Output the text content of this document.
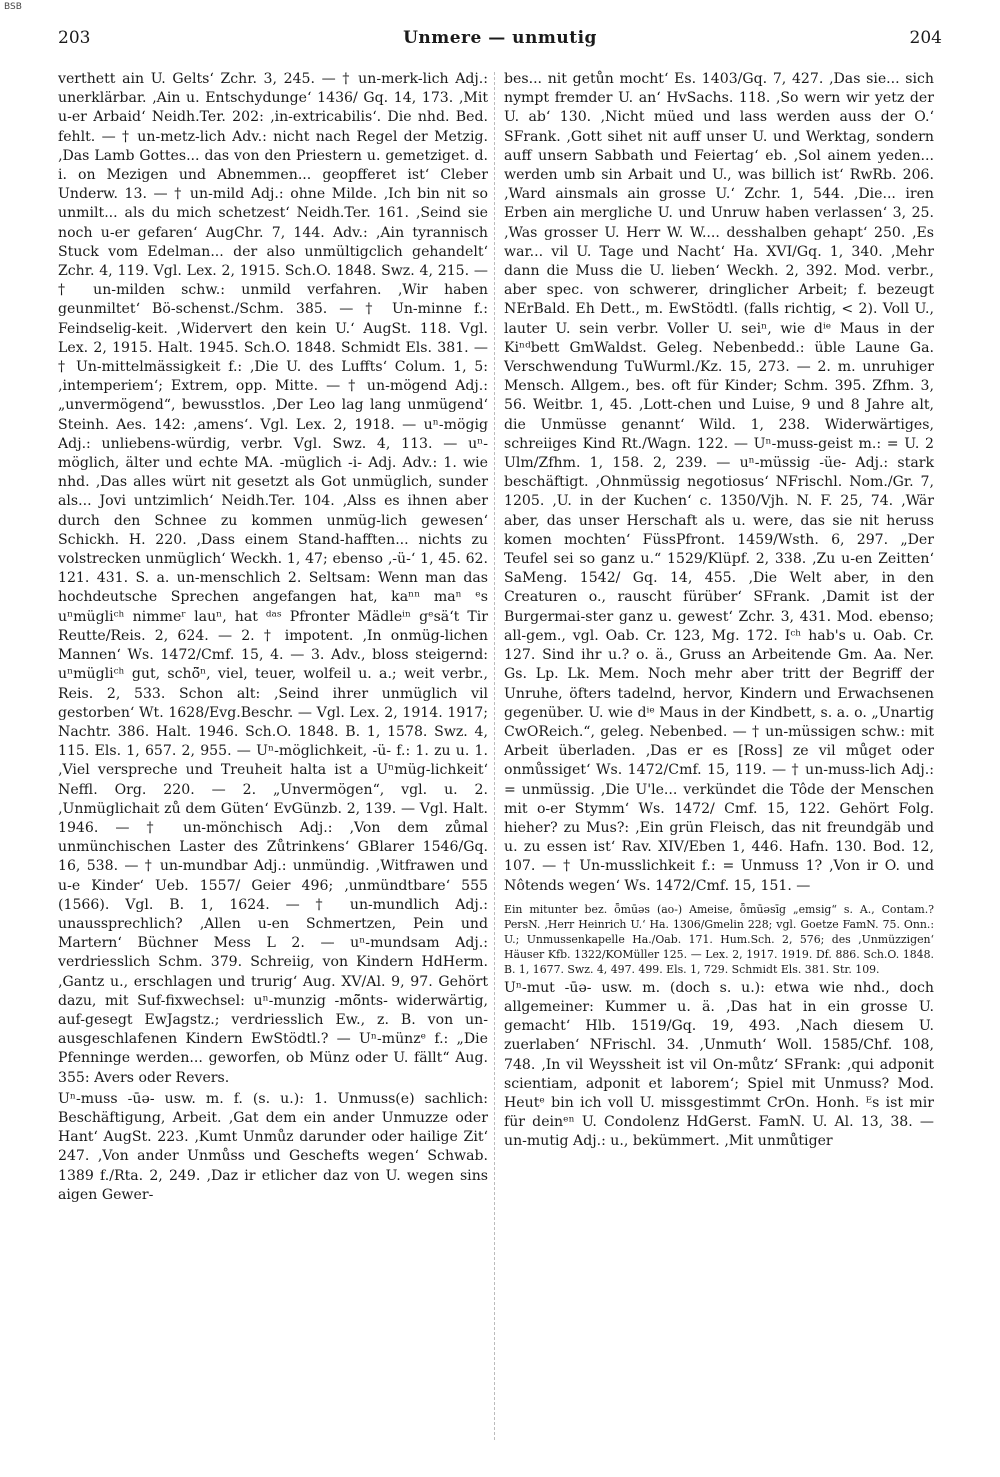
BSB
203	Unmere — unmutig	204

verthett ain U. Gelts‘ Zchr. 3, 245. — † un-merk-lich Adj.: unerklärbar. ‚Ain u. Entschydunge‘ 1436/ Gq. 14, 173. ‚Mit u-er Arbaid‘ Neidh.Ter. 202: ‚in-extricabilis‘. Die nhd. Bed. fehlt. — † un-metz-lich Adv.: nicht nach Regel der Metzig. ‚Das Lamb Gottes... das von den Priestern u. gemetziget. d. i. on Mezigen und Abnemmen... geopfferet ist‘ Cleber Underw. 13. — † un-mild Adj.: ohne Milde. ‚Ich bin nit so unmilt... als du mich schetzest‘ Neidh.Ter. 161. ‚Seind sie noch u-er gefaren‘ AugChr. 7, 144. Adv.: ‚Ain tyrannisch Stuck vom Edelman... der also unmültigclich gehandelt‘ Zchr. 4, 119. Vgl. Lex. 2, 1915. Sch.O. 1848. Swz. 4, 215. — † un-milden schw.: unmild verfahren. ‚Wir haben geunmiltet‘ Bö-schenst./Schm. 385. — † Un-minne f.: Feindselig-keit. ‚Widervert den kein U.‘ AugSt. 118. Vgl. Lex. 2, 1915. Halt. 1945. Sch.O. 1848. Schmidt Els. 381. — † Un-mittelmässigkeit f.: ‚Die U. des Luffts‘ Colum. 1, 5: ‚intemperiem‘; Extrem, opp. Mitte. — † un-mögend Adj.: „unvermögend“, bewusstlos. ‚Der Leo lag lang unmügend‘ Steinh. Aes. 142: ‚amens‘. Vgl. Lex. 2, 1918. — uⁿ-mögig Adj.: unliebens-würdig, verbr. Vgl. Swz. 4, 113. — uⁿ-möglich, älter und echte MA. -müglich -i- Adj. Adv.: 1. wie nhd. ‚Das alles würt nit gesetzt als Got unmüglich, sunder als... Jovi untzimlich‘ Neidh.Ter. 104. ‚Alss es ihnen aber durch den Schnee zu kommen unmüg-lich gewesen‘ Schickh. H. 220. ‚Dass einem Stand-hafften... nichts zu volstrecken unmüglich‘ Weckh. 1, 47; ebenso ‚-ü-‘ 1, 45. 62. 121. 431. S. a. un-menschlich 2. Seltsam: Wenn man das hochdeutsche Sprechen angefangen hat, kaⁿⁿ maⁿ ᵉs uⁿmügliᶜʰ nimmeʳ lauⁿ, hat ᵈᵃˢ Pfronter Mädleⁱⁿ gᵉsä‘t Tir Reutte/Reis. 2, 624. — 2. † impotent. ‚In onmüg-lichen Mannen‘ Ws. 1472/Cmf. 15, 4. — 3. Adv., bloss steigernd: uⁿmügliᶜʰ gut, schö̃ⁿ, viel, teuer, wolfeil u. a.; weit verbr., Reis. 2, 533. Schon alt: ‚Seind ihrer unmüglich vil gestorben‘ Wt. 1628/Evg.Beschr. — Vgl. Lex. 2, 1914. 1917; Nachtr. 386. Halt. 1946. Sch.O. 1848. B. 1, 1578. Swz. 4, 115. Els. 1, 657. 2, 955. — Uⁿ-möglichkeit, -ü- f.: 1. zu u. 1. ‚Viel verspreche und Treuheit halta ist a Uⁿmüg-lichkeit‘ Neffl. Org. 220. — 2. „Unvermögen“, vgl. u. 2. ‚Unmüglichait zů dem Güten‘ EvGünzb. 2, 139. — Vgl. Halt. 1946. — † un-mönchisch Adj.: ‚Von dem zůmal unmünchischen Laster des Zůtrinkens‘ GBlarer 1546/Gq. 16, 538. — † un-mundbar Adj.: unmündig. ‚Witfrawen und u-e Kinder‘ Ueb. 1557/ Geier 496; ‚unmündtbare‘ 555 (1566). Vgl. B. 1, 1624. — † un-mundlich Adj.: unaussprechlich? ‚Allen u-en Schmertzen, Pein und Martern‘ Büchner Mess L 2. — uⁿ-mundsam Adj.: verdriesslich Schm. 379. Schreiig, von Kindern HdHerm. ‚Gantz u., erschlagen und trurig‘ Aug. XV/Al. 9, 97. Gehört dazu, mit Suf-fixwechsel: uⁿ-munzig -mõ̃nts- widerwärtig, auf-gesegt EwJagstz.; verdriesslich Ew., z. B. von un-ausgeschlafenen Kindern EwStödtl.? — Uⁿ-münzᵉ f.: „Die Pfenninge werden... geworfen, ob Münz oder U. fällt“ Aug. 355: Avers oder Revers.

Uⁿ-muss -ūə- usw. m. f. (s. u.): 1. Unmuss(e) sachlich: Beschäftigung, Arbeit. ‚Gat dem ein ander Unmuzze oder Hant‘ AugSt. 223. ‚Kumt Unmůz darunder oder hailige Zit‘ 247. ‚Von ander Unmůss und Geschefts wegen‘ Schwab. 1389 f./Rta. 2, 249. ‚Daz ir etlicher daz von U. wegen sins aigen Gewer-

bes... nit getůn mocht‘ Es. 1403/Gq. 7, 427. ‚Das sie... sich nympt fremder U. an‘ HvSachs. 118. ‚So wern wir yetz der U. ab‘ 130. ‚Nicht müed und lass werden auss der O.‘ SFrank. ‚Gott sihet nit auff unser U. und Werktag, sondern auff unsern Sabbath und Feiertag‘ eb. ‚Sol ainem yeden... werden umb sin Arbait und U., was billich ist‘ RwRb. 206. ‚Ward ainsmals ain grosse U.‘ Zchr. 1, 544. ‚Die... iren Erben ain mergliche U. und Unruw haben verlassen‘ 3, 25. ‚Was grosser U. Herr W. W.... desshalben gehapt‘ 250. ‚Es war... vil U. Tage und Nacht‘ Ha. XVI/Gq. 1, 340. ‚Mehr dann die Muss die U. lieben‘ Weckh. 2, 392. Mod. verbr., aber spec. von schwerer, dringlicher Arbeit; f. bezeugt NErBald. Eh Dett., m. EwStödtl. (falls richtig, < 2). Voll U., lauter U. sein verbr. Voller U. seiⁿ, wie dⁱᵉ Maus in der Kiⁿᵈbett GmWaldst. Geleg. Nebenbedd.: üble Laune Ga. Verschwendung TuWurml./Kz. 15, 273. — 2. m. unruhiger Mensch. Allgem., bes. oft für Kinder; Schm. 395. Zfhm. 3, 56. Weitbr. 1, 45. ‚Lott-chen und Luise, 9 und 8 Jahre alt, die Unmüsse genannt‘ Wild. 1, 238. Widerwärtiges, schreiiges Kind Rt./Wagn. 122. — Uⁿ-muss-geist m.: = U. 2 Ulm/Zfhm. 1, 158. 2, 239. — uⁿ-müssig -üe- Adj.: stark beschäftigt. ‚Ohnmüssig negotiosus‘ NFrischl. Nom./Gr. 7, 1205. ‚U. in der Kuchen‘ c. 1350/Vjh. N. F. 25, 74. ‚Wär aber, das unser Herschaft als u. were, das sie nit heruss komen mochten‘ FüssPfront. 1459/Wsth. 6, 297. „Der Teufel sei so ganz u.“ 1529/Klüpf. 2, 338. ‚Zu u-en Zeitten‘ SaMeng. 1542/ Gq. 14, 455. ‚Die Welt aber, in den Creaturen o., rauscht fürüber‘ SFrank. ‚Damit ist der Burgermai-ster ganz u. gewest‘ Zchr. 3, 431. Mod. ebenso; all-gem., vgl. Oab. Cr. 123, Mg. 172. Iᶜʰ hab's u. Oab. Cr. 127. Sind ihr u.? o. ä., Gruss an Arbeitende Gm. Aa. Ner. Gs. Lp. Lk. Mem. Noch mehr aber tritt der Begriff der Unruhe, öfters tadelnd, hervor, Kindern und Erwachsenen gegenüber. U. wie dⁱᵉ Maus in der Kindbett, s. a. o. „Unartig CwOReich.“, geleg. Nebenbed. — † un-müssigen schw.: mit Arbeit überladen. ‚Das er es [Ross] ze vil můget oder onmůssiget‘ Ws. 1472/Cmf. 15, 119. — † un-muss-lich Adj.: = unmüssig. ‚Die U'le... verkündet die Tôde der Menschen mit o-er Stymm‘ Ws. 1472/ Cmf. 15, 122. Gehört Folg. hieher? zu Mus?: ‚Ein grün Fleisch, das nit freundgäb und u. zu essen ist‘ Rav. XIV/Eben 1, 446. Hafn. 130. Bod. 12, 107. — † Un-musslichkeit f.: = Unmuss 1? ‚Von ir O. und Nôtends wegen‘ Ws. 1472/Cmf. 15, 151. —

Ein mitunter bez. ȭmūəs (ao-) Ameise, ȭmūəsīg „emsig“ s. A., Contam.? PersN. ‚Herr Heinrich U.‘ Ha. 1306/Gmelin 228; vgl. Goetze FamN. 75. Onn.: U.; Unmussenkapelle Ha./Oab. 171. Hum.Sch. 2, 576; des ‚Unmüzzigen‘ Häuser Kfb. 1322/KOMüller 125. — Lex. 2, 1917. 1919. Df. 886. Sch.O. 1848. B. 1, 1677. Swz. 4, 497. 499. Els. 1, 729. Schmidt Els. 381. Str. 109.

Uⁿ-mut -ūə- usw. m. (doch s. u.): etwa wie nhd., doch allgemeiner: Kummer u. ä. ‚Das hat in ein grosse U. gemacht‘ Hlb. 1519/Gq. 19, 493. ‚Nach diesem U. zuerlaben‘ NFrischl. 34. ‚Unmuth‘ Woll. 1585/Chf. 108, 748. ‚In vil Weyssheit ist vil On-můtz‘ SFrank: ‚qui adponit scientiam, adponit et laborem‘; Spiel mit Unmuss? Mod. Heutᵉ bin ich voll U. missgestimmt CrOn. Honh. ᴱs ist mir für deinᵉⁿ U. Condolenz HdGerst. FamN. U. Al. 13, 38. — un-mutig Adj.: u., bekümmert. ‚Mit unmůtiger
